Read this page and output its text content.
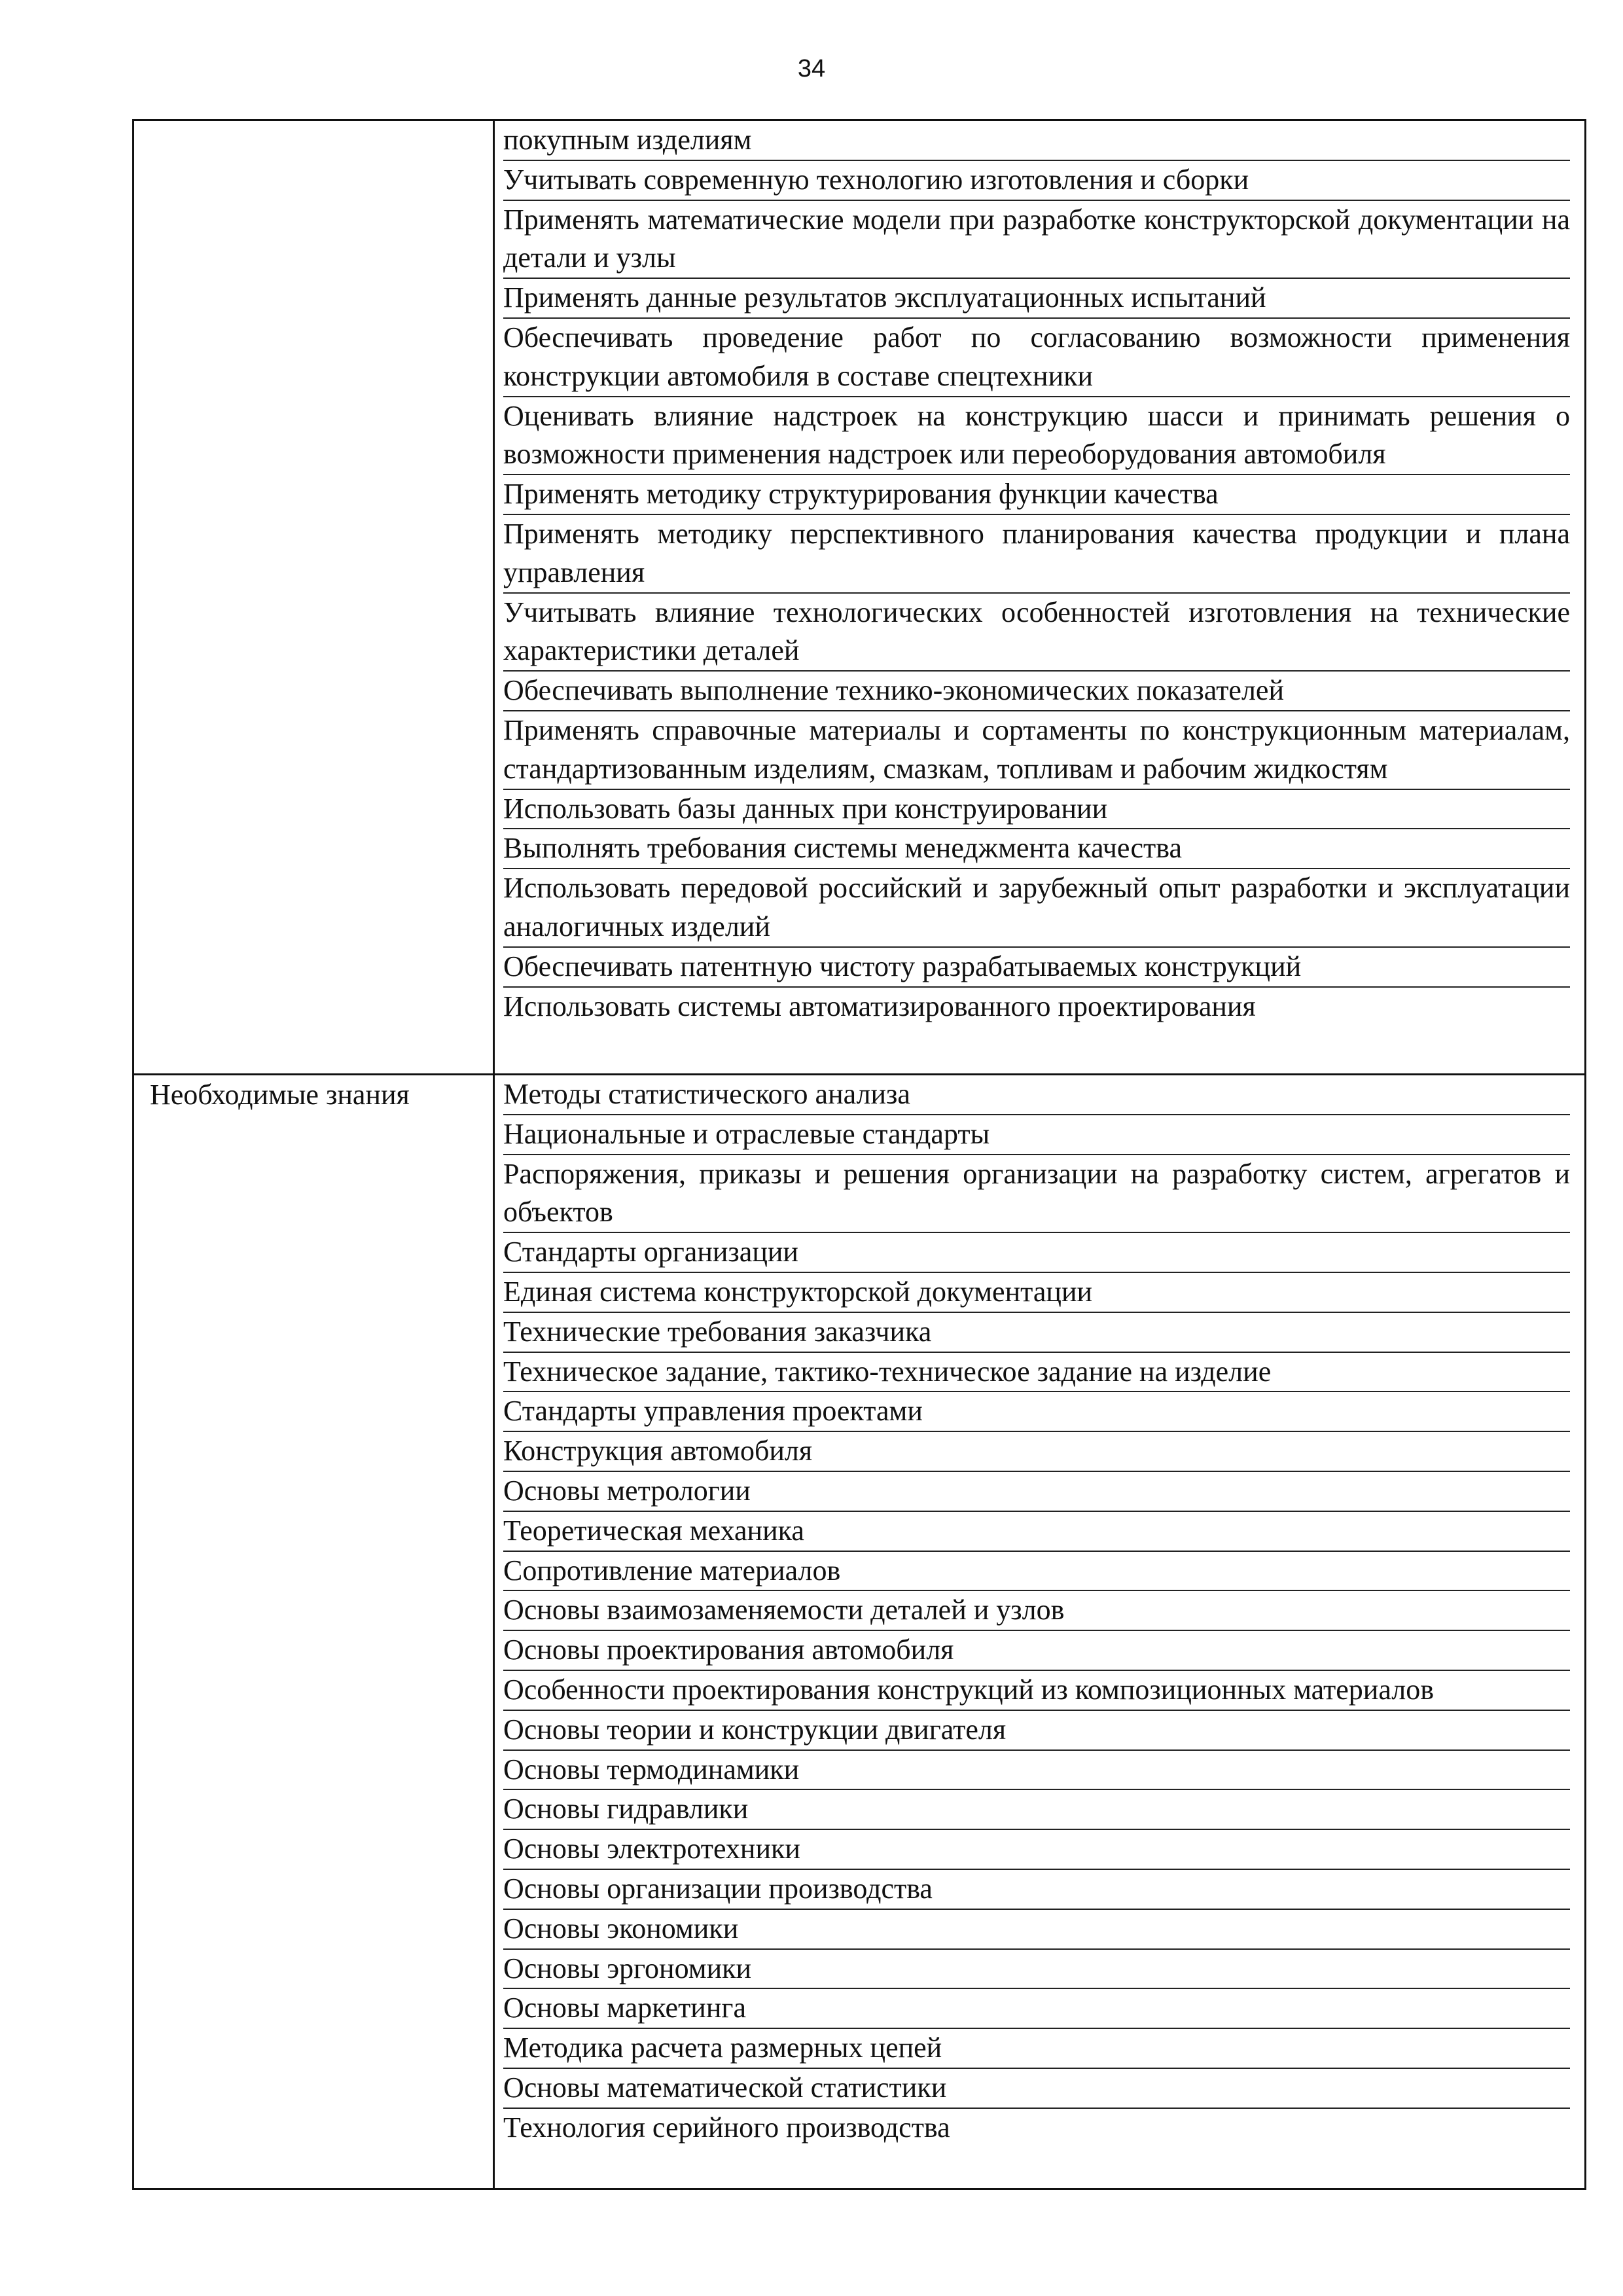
34
покупным изделиям
Учитывать современную технологию изготовления и сборки
Применять математические модели при разработке конструкторской документации на детали и узлы
Применять данные результатов эксплуатационных испытаний
Обеспечивать проведение работ по согласованию возможности применения конструкции автомобиля в составе спецтехники
Оценивать влияние надстроек на конструкцию шасси и принимать решения о возможности применения надстроек или переоборудования автомобиля
Применять методику структурирования функции качества
Применять методику перспективного планирования качества продукции и плана управления
Учитывать влияние технологических особенностей изготовления на технические характеристики деталей
Обеспечивать выполнение технико-экономических показателей
Применять справочные материалы и сортаменты по конструкционным материалам, стандартизованным изделиям, смазкам, топливам и рабочим жидкостям
Использовать базы данных при конструировании
Выполнять требования системы менеджмента качества
Использовать передовой российский и зарубежный опыт разработки и эксплуатации аналогичных изделий
Обеспечивать патентную чистоту разрабатываемых конструкций
Использовать системы автоматизированного проектирования
Необходимые знания	Методы статистического анализа
Национальные и отраслевые стандарты
Распоряжения, приказы и решения организации на разработку систем, агрегатов и объектов
Стандарты организации
Единая система конструкторской документации
Технические требования заказчика
Техническое задание, тактико-техническое задание на изделие
Стандарты управления проектами
Конструкция автомобиля
Основы метрологии
Теоретическая механика
Сопротивление материалов
Основы взаимозаменяемости деталей и узлов
Основы проектирования автомобиля
Особенности проектирования конструкций из композиционных материалов
Основы теории и конструкции двигателя
Основы термодинамики
Основы гидравлики
Основы электротехники
Основы организации производства
Основы экономики
Основы эргономики
Основы маркетинга
Методика расчета размерных цепей
Основы математической статистики
Технология серийного производства
